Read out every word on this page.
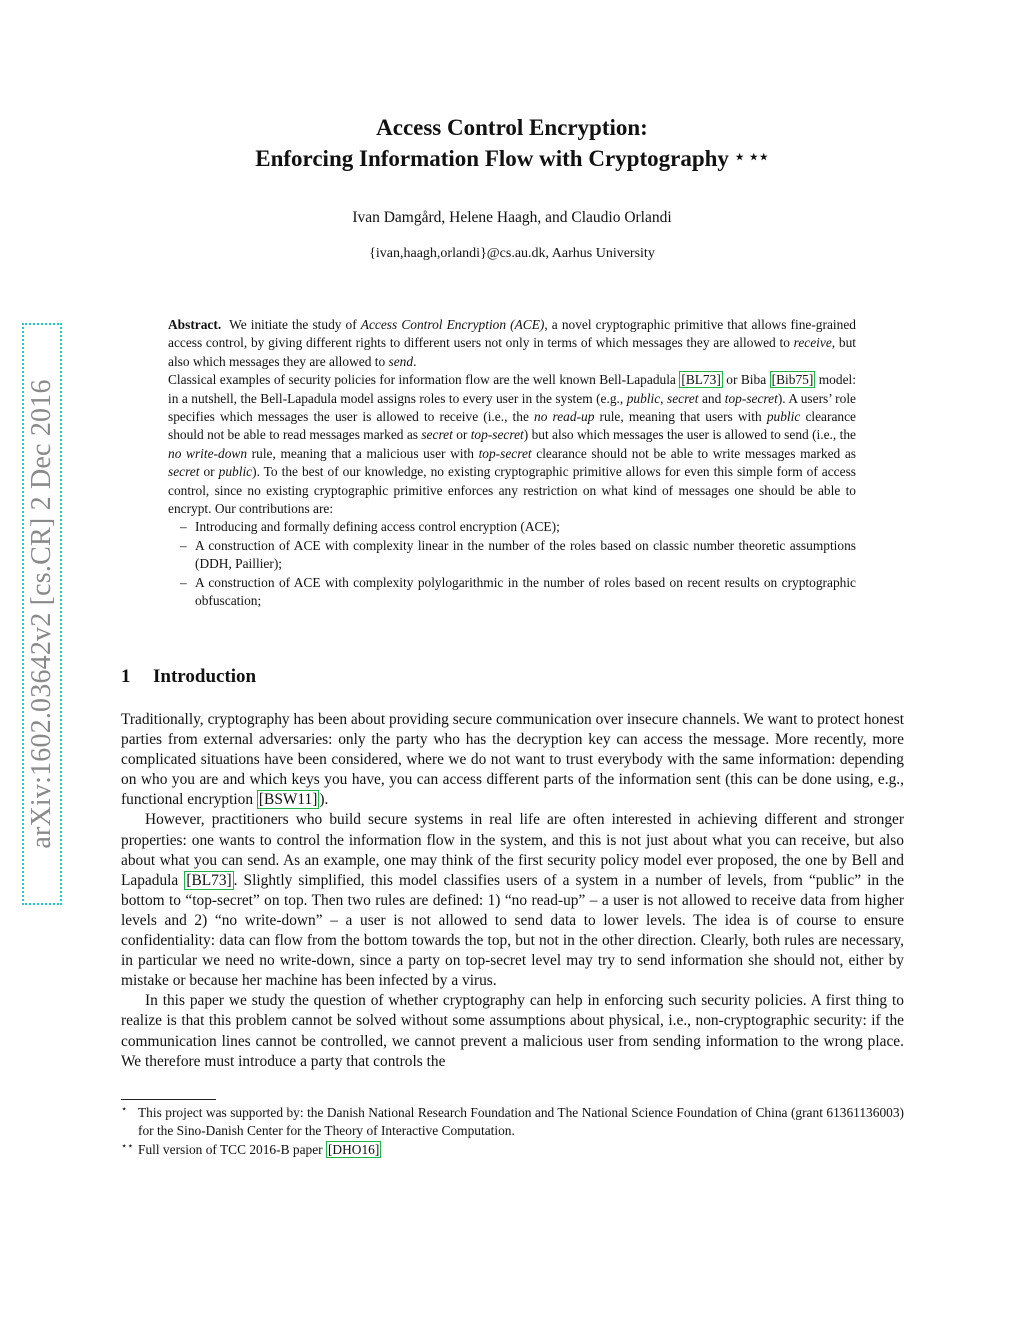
arXiv:1602.03642v2 [cs.CR] 2 Dec 2016
Access Control Encryption:
Enforcing Information Flow with Cryptography ⋆ ⋆⋆
Ivan Damgård, Helene Haagh, and Claudio Orlandi
{ivan,haagh,orlandi}@cs.au.dk, Aarhus University

Abstract. We initiate the study of Access Control Encryption (ACE), a novel cryptographic primitive that allows fine-grained access control, by giving different rights to different users not only in terms of which messages they are allowed to receive, but also which messages they are allowed to send.

Classical examples of security policies for information flow are the well known Bell-Lapadula [BL73] or Biba [Bib75] model: in a nutshell, the Bell-Lapadula model assigns roles to every user in the system (e.g., public, secret and top-secret). A users’ role specifies which messages the user is allowed to receive (i.e., the no read-up rule, meaning that users with public clearance should not be able to read messages marked as secret or top-secret) but also which messages the user is allowed to send (i.e., the no write-down rule, meaning that a malicious user with top-secret clearance should not be able to write messages marked as secret or public). To the best of our knowledge, no existing cryptographic primitive allows for even this simple form of access control, since no existing cryptographic primitive enforces any restriction on what kind of messages one should be able to encrypt. Our contributions are:

– Introducing and formally defining access control encryption (ACE);
– A construction of ACE with complexity linear in the number of the roles based on classic number theoretic assumptions (DDH, Paillier);
– A construction of ACE with complexity polylogarithmic in the number of roles based on recent results on cryptographic obfuscation;
1 Introduction

Traditionally, cryptography has been about providing secure communication over insecure channels. We want to protect honest parties from external adversaries: only the party who has the decryption key can access the message. More recently, more complicated situations have been considered, where we do not want to trust everybody with the same information: depending on who you are and which keys you have, you can access different parts of the information sent (this can be done using, e.g., functional encryption [BSW11] ).

However, practitioners who build secure systems in real life are often interested in achieving different and stronger properties: one wants to control the information flow in the system, and this is not just about what you can receive, but also about what you can send. As an example, one may think of the first security policy model ever proposed, the one by Bell and Lapadula [BL73] . Slightly simplified, this model classifies users of a system in a number of levels, from “public” in the bottom to “top-secret” on top. Then two rules are defined: 1) “no read-up” – a user is not allowed to receive data from higher levels and 2) “no write-down” – a user is not allowed to send data to lower levels. The idea is of course to ensure confidentiality: data can flow from the bottom towards the top, but not in the other direction. Clearly, both rules are necessary, in particular we need no write-down, since a party on top-secret level may try to send information she should not, either by mistake or because her machine has been infected by a virus.

In this paper we study the question of whether cryptography can help in enforcing such security policies. A first thing to realize is that this problem cannot be solved without some assumptions about physical, i.e., non-cryptographic security: if the communication lines cannot be controlled, we cannot prevent a malicious user from sending information to the wrong place. We therefore must introduce a party that controls the

⋆ This project was supported by: the Danish National Research Foundation and The National Science Foundation of China (grant 61361136003) for the Sino-Danish Center for the Theory of Interactive Computation.
⋆⋆ Full version of TCC 2016-B paper [DHO16]
